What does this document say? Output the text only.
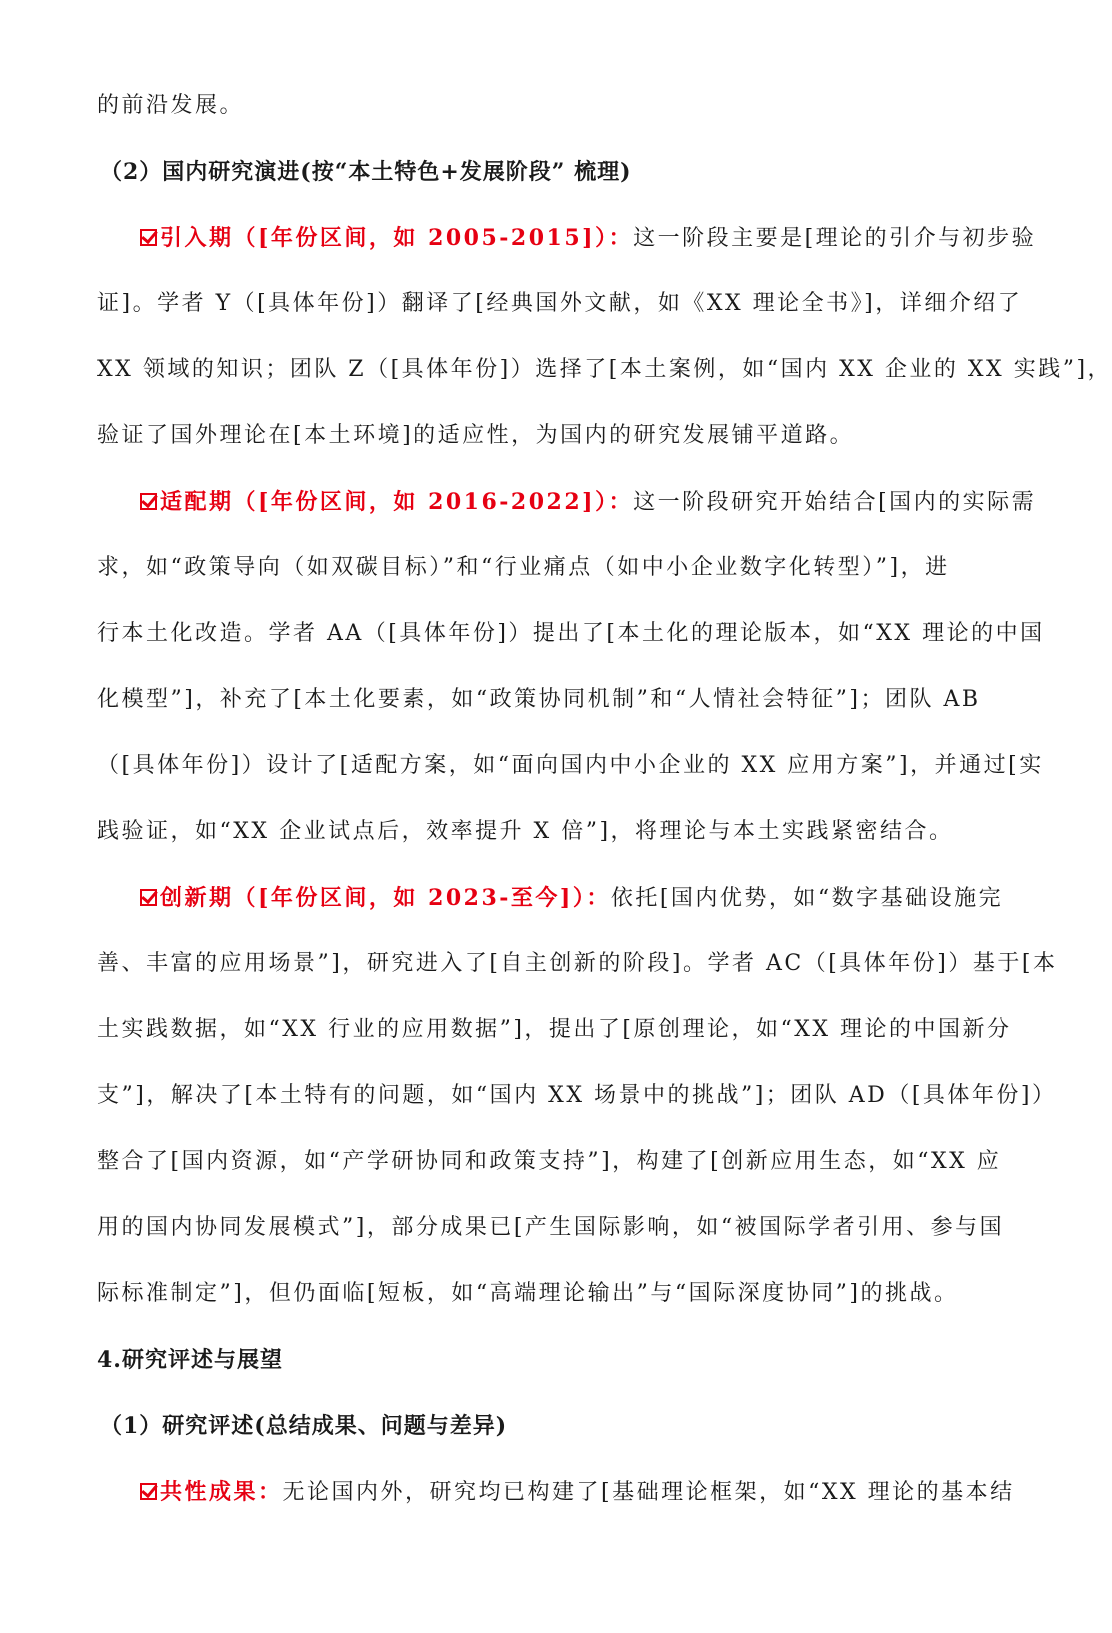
的前沿发展。
（2）国内研究演进(按“本土特色+发展阶段” 梳理)
引入期（[年份区间，如 2005-2015]）：这一阶段主要是[理论的引介与初步验
证]。学者 Y（[具体年份]）翻译了[经典国外文献，如《XX 理论全书》]，详细介绍了
XX 领域的知识；团队 Z（[具体年份]）选择了[本土案例，如“国内 XX 企业的 XX 实践”]，
验证了国外理论在[本土环境]的适应性，为国内的研究发展铺平道路。
适配期（[年份区间，如 2016-2022]）：这一阶段研究开始结合[国内的实际需
求，如“政策导向（如双碳目标）”和“行业痛点（如中小企业数字化转型）”]，进
行本土化改造。学者 AA（[具体年份]）提出了[本土化的理论版本，如“XX 理论的中国
化模型”]，补充了[本土化要素，如“政策协同机制”和“人情社会特征”]；团队 AB
（[具体年份]）设计了[适配方案，如“面向国内中小企业的 XX 应用方案”]，并通过[实
践验证，如“XX 企业试点后，效率提升 X 倍”]，将理论与本土实践紧密结合。
创新期（[年份区间，如 2023-至今]）：依托[国内优势，如“数字基础设施完
善、丰富的应用场景”]，研究进入了[自主创新的阶段]。学者 AC（[具体年份]）基于[本
土实践数据，如“XX 行业的应用数据”]，提出了[原创理论，如“XX 理论的中国新分
支”]，解决了[本土特有的问题，如“国内 XX 场景中的挑战”]；团队 AD（[具体年份]）
整合了[国内资源，如“产学研协同和政策支持”]，构建了[创新应用生态，如“XX 应
用的国内协同发展模式”]，部分成果已[产生国际影响，如“被国际学者引用、参与国
际标准制定”]，但仍面临[短板，如“高端理论输出”与“国际深度协同”]的挑战。
4.研究评述与展望
（1）研究评述(总结成果、问题与差异)
共性成果：无论国内外，研究均已构建了[基础理论框架，如“XX 理论的基本结
